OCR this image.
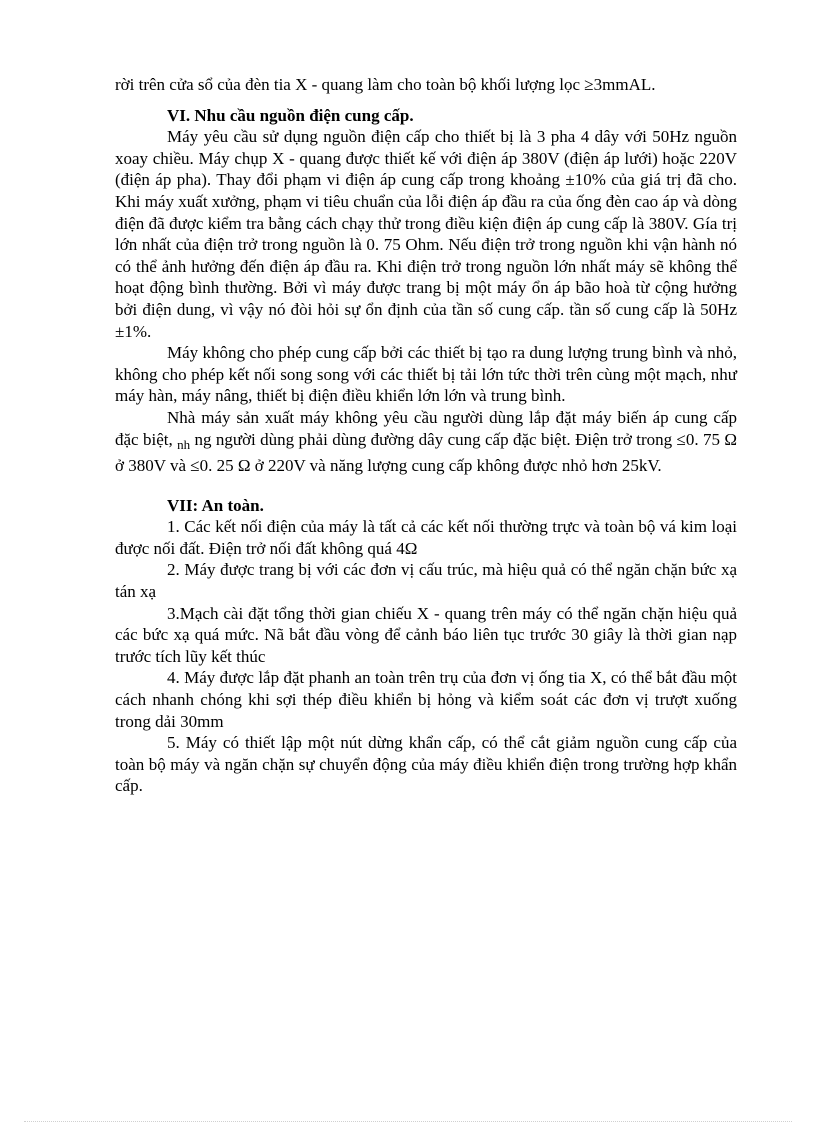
rời trên cửa sổ của đèn tia X - quang làm cho toàn bộ khối lượng lọc ≥3mmAL.

VI. Nhu cầu nguồn điện cung cấp.

Máy yêu cầu sử dụng nguồn điện cấp cho thiết bị là 3 pha 4 dây với 50Hz nguồn xoay chiều. Máy chụp X - quang được thiết kế với điện áp 380V (điện áp lưới) hoặc 220V (điện áp pha). Thay đổi phạm vi điện áp cung cấp trong khoảng ±10% của giá trị đã cho. Khi máy xuất xưởng, phạm vi tiêu chuẩn của lỗi điện áp đầu ra của ống đèn cao áp và dòng điện đã được kiểm tra bằng cách chạy thử trong điều kiện điện áp cung cấp là 380V. Gía trị lớn nhất của điện trở trong nguồn là 0. 75 Ohm. Nếu điện trở trong nguồn khi vận hành nó có thể ảnh hưởng đến điện áp đầu ra. Khi điện trở trong nguồn lớn nhất máy sẽ không thể hoạt động bình thường. Bởi vì máy được trang bị một máy ổn áp bão hoà từ cộng hưởng bởi điện dung, vì vậy nó đòi hỏi sự ổn định của tần số cung cấp. tần số cung cấp là 50Hz ±1%.

Máy không cho phép cung cấp bởi các thiết bị tạo ra dung lượng trung bình và nhỏ, không cho phép kết nối song song với các thiết bị tải lớn tức thời trên cùng một mạch, như máy hàn, máy nâng, thiết bị điện điều khiển lớn lớn và trung bình.

Nhà máy sản xuất máy không yêu cầu người dùng lắp đặt máy biến áp cung cấp đặc biệt, $_{nh}$ ng người dùng phải dùng đường dây cung cấp đặc biệt. Điện trở trong ≤0. 75 Ω ở 380V và ≤0. 25 Ω ở 220V và năng lượng cung cấp không được nhỏ hơn 25kV.

VII: An toàn.

1. Các kết nối điện của máy là tất cả các kết nối thường trực và toàn bộ vá kim loại được nối đất. Điện trở nối đất không quá 4Ω

2. Máy được trang bị với các đơn vị cấu trúc, mà hiệu quả có thể ngăn chặn bức xạ tán xạ

3.Mạch cài đặt tổng thời gian chiếu X - quang trên máy có thể ngăn chặn hiệu quả các bức xạ quá mức. Nã bắt đầu vòng để cảnh báo liên tục trước 30 giây là thời gian nạp trước tích lũy kết thúc

4. Máy được lắp đặt phanh an toàn trên trụ của đơn vị ống tia X, có thể bắt đầu một cách nhanh chóng khi sợi thép điều khiển bị hỏng và kiểm soát các đơn vị trượt xuống trong dải 30mm

5. Máy có thiết lập một nút dừng khẩn cấp, có thể cắt giảm nguồn cung cấp của toàn bộ máy và ngăn chặn sự chuyển động của máy điều khiển điện trong trường hợp khẩn cấp.
